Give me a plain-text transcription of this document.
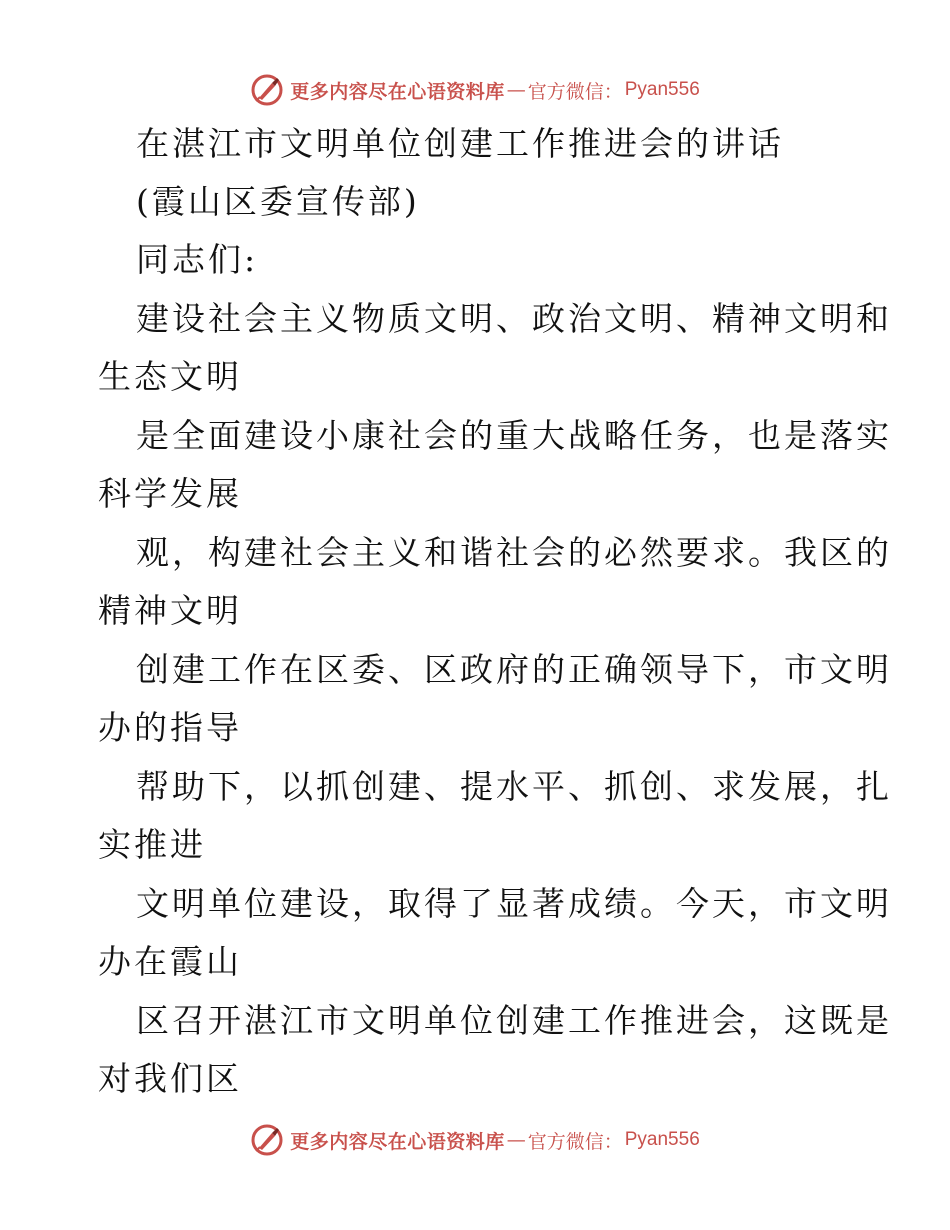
更多内容尽在心语资料库 — 官方微信： Pyan556
在湛江市文明单位创建工作推进会的讲话
(霞山区委宣传部)
同志们:
建设社会主义物质文明、政治文明、精神文明和
生态文明
是全面建设小康社会的重大战略任务，也是落实
科学发展
观，构建社会主义和谐社会的必然要求。我区的
精神文明
创建工作在区委、区政府的正确领导下，市文明
办的指导
帮助下，以抓创建、提水平、抓创、求发展，扎
实推进
文明单位建设，取得了显著成绩。今天，市文明
办在霞山
区召开湛江市文明单位创建工作推进会，这既是
对我们区
更多内容尽在心语资料库 — 官方微信： Pyan556
